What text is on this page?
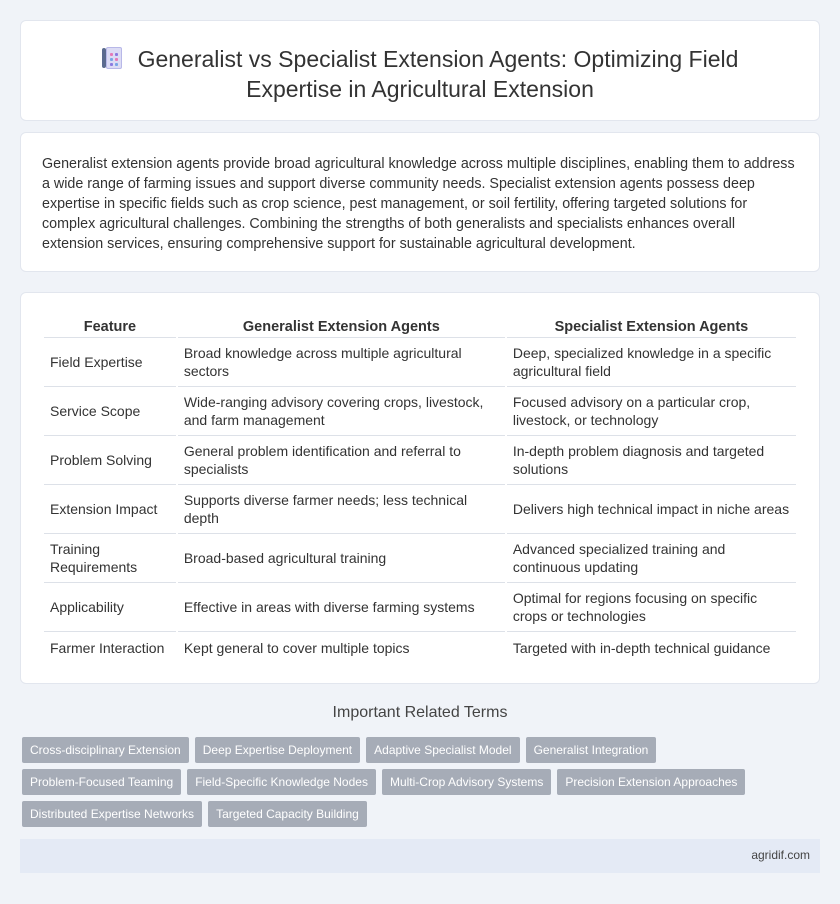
Generalist vs Specialist Extension Agents: Optimizing Field
Expertise in Agricultural Extension

Generalist extension agents provide broad agricultural knowledge across multiple disciplines, enabling them to address a wide range of farming issues and support diverse community needs. Specialist extension agents possess deep expertise in specific fields such as crop science, pest management, or soil fertility, offering targeted solutions for complex agricultural challenges. Combining the strengths of both generalists and specialists enhances overall extension services, ensuring comprehensive support for sustainable agricultural development.

Feature	Generalist Extension Agents	Specialist Extension Agents
Field Expertise	Broad knowledge across multiple agricultural sectors	Deep, specialized knowledge in a specific agricultural field
Service Scope	Wide-ranging advisory covering crops, livestock, and farm management	Focused advisory on a particular crop, livestock, or technology
Problem Solving	General problem identification and referral to specialists	In-depth problem diagnosis and targeted solutions
Extension Impact	Supports diverse farmer needs; less technical depth	Delivers high technical impact in niche areas
Training Requirements	Broad-based agricultural training	Advanced specialized training and continuous updating
Applicability	Effective in areas with diverse farming systems	Optimal for regions focusing on specific crops or technologies
Farmer Interaction	Kept general to cover multiple topics	Targeted with in-depth technical guidance
Important Related Terms
Cross-disciplinary Extension	Deep Expertise Deployment	Adaptive Specialist Model	Generalist Integration
Problem-Focused Teaming	Field-Specific Knowledge Nodes	Multi-Crop Advisory Systems	Precision Extension Approaches
Distributed Expertise Networks	Targeted Capacity Building
agridif.com
